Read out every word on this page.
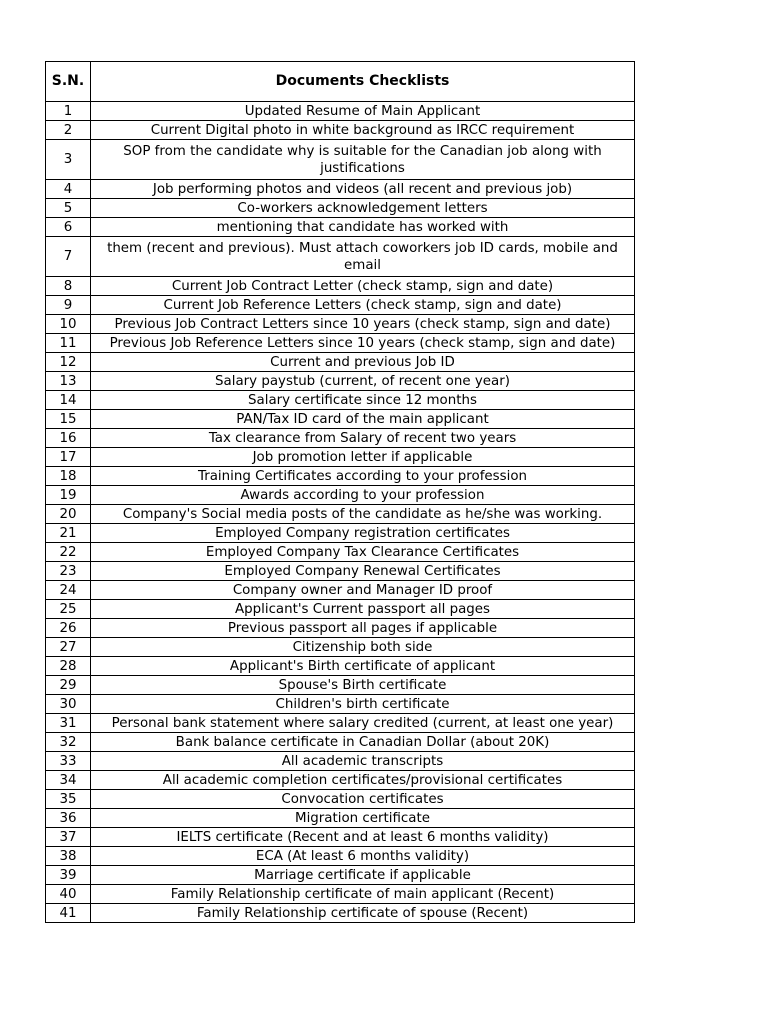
S.N.	Documents Checklists
1	Updated Resume of Main Applicant
2	Current Digital photo in white background as IRCC requirement
3	SOP from the candidate why is suitable for the Canadian job along with justifications
4	Job performing photos and videos (all recent and previous job)
5	Co-workers acknowledgement letters
6	mentioning that candidate has worked with
7	them (recent and previous). Must attach coworkers job ID cards, mobile and email
8	Current Job Contract Letter (check stamp, sign and date)
9	Current Job Reference Letters (check stamp, sign and date)
10	Previous Job Contract Letters since 10 years (check stamp, sign and date)
11	Previous Job Reference Letters since 10 years (check stamp, sign and date)
12	Current and previous Job ID
13	Salary paystub (current, of recent one year)
14	Salary certificate since 12 months
15	PAN/Tax ID card of the main applicant
16	Tax clearance from Salary of recent two years
17	Job promotion letter if applicable
18	Training Certificates according to your profession
19	Awards according to your profession
20	Company's Social media posts of the candidate as he/she was working.
21	Employed Company registration certificates
22	Employed Company Tax Clearance Certificates
23	Employed Company Renewal Certificates
24	Company owner and Manager ID proof
25	Applicant's Current passport all pages
26	Previous passport all pages if applicable
27	Citizenship both side
28	Applicant's Birth certificate of applicant
29	Spouse's Birth certificate
30	Children's birth certificate
31	Personal bank statement where salary credited (current, at least one year)
32	Bank balance certificate in Canadian Dollar (about 20K)
33	All academic transcripts
34	All academic completion certificates/provisional certificates
35	Convocation certificates
36	Migration certificate
37	IELTS certificate (Recent and at least 6 months validity)
38	ECA (At least 6 months validity)
39	Marriage certificate if applicable
40	Family Relationship certificate of main applicant (Recent)
41	Family Relationship certificate of spouse (Recent)
